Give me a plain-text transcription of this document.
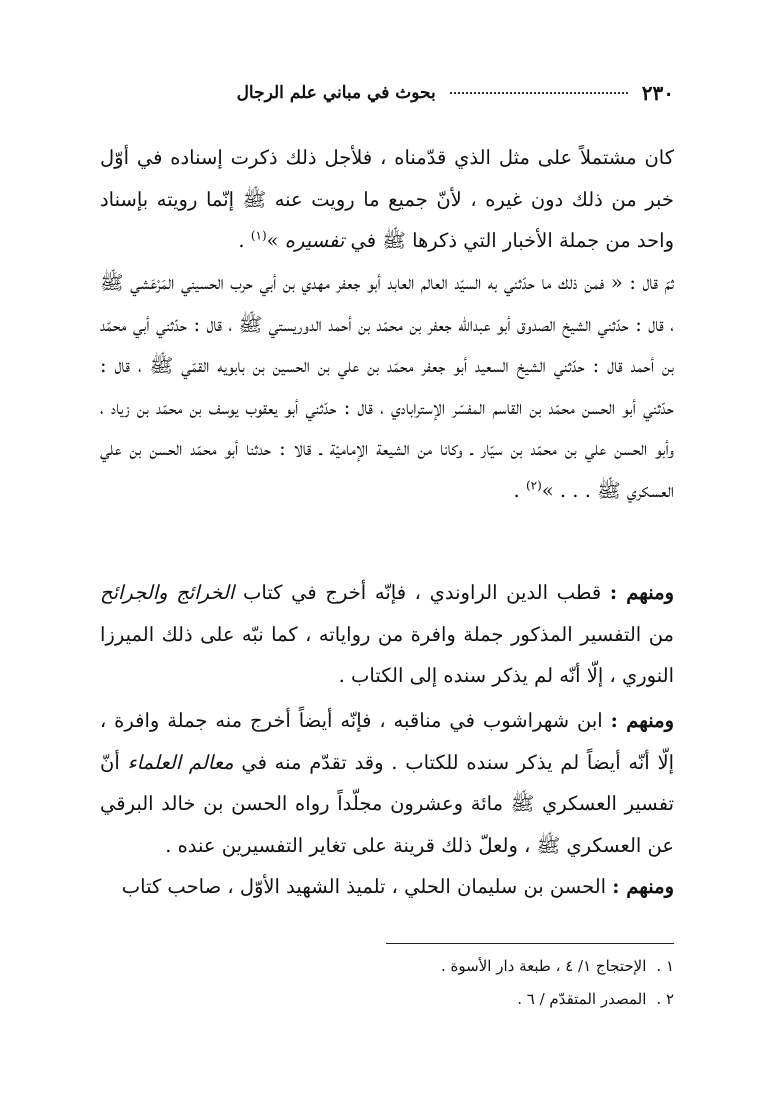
٢٣٠
بحوث في مباني علم الرجال

كان مشتملاً على مثل الذي قدّمناه ، فلأجل ذلك ذكرت إسناده في أوّل خبر من ذلك دون غيره ، لأنّ جميع ما رويت عنه ﷺ إنّما رويته بإسناد واحد من جملة الأخبار التي ذكرها ﷺ في تفسيره »$^{(١)}$ .

ثمّ قال : « فمن ذلك ما حدّثني به السيّد العالم العابد أبو جعفر مهدي بن أبي حرب الحسيني المَرْعَشي ﷺ ، قال : حدّثني الشيخ الصدوق أبو عبدالله جعفر بن محمّد بن أحمد الدوريستي ﷺ ، قال : حدّثني أبي محمّد بن أحمد قال : حدّثني الشيخ السعيد أبو جعفر محمّد بن علي بن الحسين بن بابويه القمّي ﷺ ، قال : حدّثني أبو الحسن محمّد بن القاسم المفسّر الإسترابادي ، قال : حدّثني أبو يعقوب يوسف بن محمّد بن زياد ، وأبو الحسن علي بن محمّد بن سيّار ـ وكانا من الشيعة الإماميّة ـ قالا : حدثنا أبو محمّد الحسن بن علي العسكري ﷺ . . . »$^{(٢)}$ .

ومنهم : قطب الدين الراوندي ، فإنّه أخرج في كتاب الخرائج والجرائح من التفسير المذكور جملة وافرة من رواياته ، كما نبّه على ذلك الميرزا النوري ، إلّا أنّه لم يذكر سنده إلى الكتاب .

ومنهم : ابن شهراشوب في مناقبه ، فإنّه أيضاً أخرج منه جملة وافرة ، إلّا أنّه أيضاً لم يذكر سنده للكتاب . وقد تقدّم منه في معالم العلماء أنّ تفسير العسكري ﷺ مائة وعشرون مجلّداً رواه الحسن بن خالد البرقي عن العسكري ﷺ ، ولعلّ ذلك قرينة على تغاير التفسيرين عنده .

ومنهم : الحسن بن سليمان الحلي ، تلميذ الشهيد الأوّل ، صاحب كتاب

١ .الإحتجاج ١/ ٤ ، طبعة دار الأسوة .

٢ .المصدر المتقدّم / ٦ .
